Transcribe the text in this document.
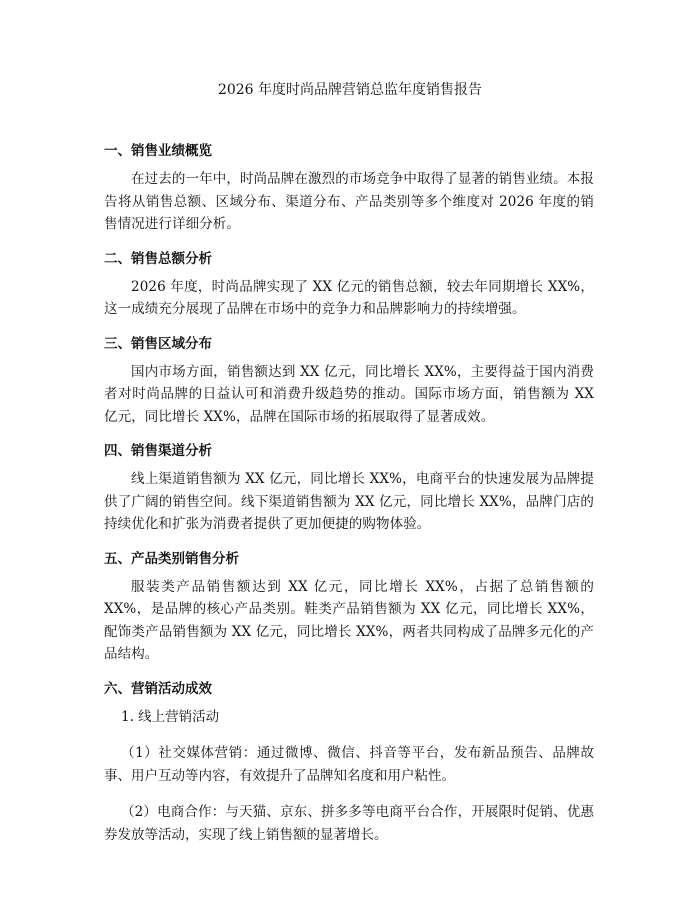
2026 年度时尚品牌营销总监年度销售报告
一、销售业绩概览

在过去的一年中，时尚品牌在激烈的市场竞争中取得了显著的销售业绩。本报告将从销售总额、区域分布、渠道分布、产品类别等多个维度对 2026 年度的销售情况进行详细分析。

二、销售总额分析

2026 年度，时尚品牌实现了 XX 亿元的销售总额，较去年同期增长 XX%，这一成绩充分展现了品牌在市场中的竞争力和品牌影响力的持续增强。

三、销售区域分布

国内市场方面，销售额达到 XX 亿元，同比增长 XX%，主要得益于国内消费者对时尚品牌的日益认可和消费升级趋势的推动。国际市场方面，销售额为 XX 亿元，同比增长 XX%，品牌在国际市场的拓展取得了显著成效。

四、销售渠道分析

线上渠道销售额为 XX 亿元，同比增长 XX%，电商平台的快速发展为品牌提供了广阔的销售空间。线下渠道销售额为 XX 亿元，同比增长 XX%，品牌门店的持续优化和扩张为消费者提供了更加便捷的购物体验。

五、产品类别销售分析

服装类产品销售额达到 XX 亿元，同比增长 XX%，占据了总销售额的 XX%，是品牌的核心产品类别。鞋类产品销售额为 XX 亿元，同比增长 XX%，配饰类产品销售额为 XX 亿元，同比增长 XX%，两者共同构成了品牌多元化的产品结构。

六、营销活动成效

1. 线上营销活动

（1）社交媒体营销：通过微博、微信、抖音等平台，发布新品预告、品牌故事、用户互动等内容，有效提升了品牌知名度和用户粘性。

（2）电商合作：与天猫、京东、拼多多等电商平台合作，开展限时促销、优惠券发放等活动，实现了线上销售额的显著增长。
